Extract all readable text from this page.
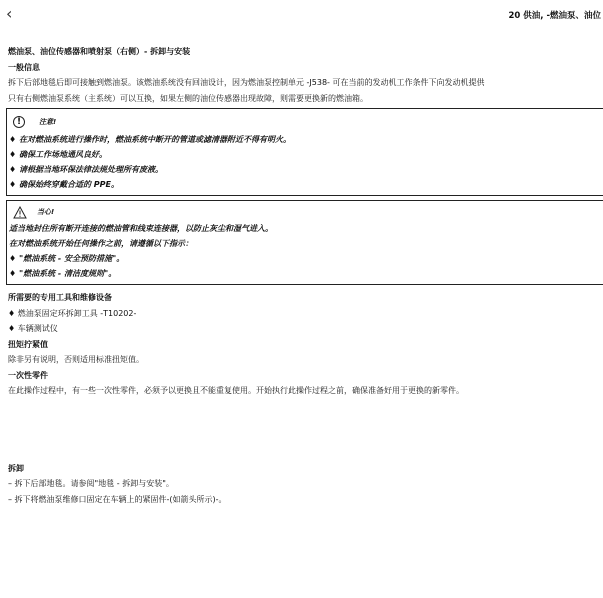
‹	20 供油, -燃油泵、油位
燃油泵、油位传感器和喷射泵（右侧）- 拆卸与安装
一般信息
拆下后部地毯后即可接触到燃油泵。该燃油系统没有回油设计，因为燃油泵控制单元 -J538- 可在当前的发动机工作条件下向发动机提供
只有右侧燃油泵系统（主系统）可以互换，如果左侧的油位传感器出现故障，则需要更换新的燃油箱。
!	注意!
♦ 在对燃油系统进行操作时，燃油系统中断开的管道或滤清器附近不得有明火。
♦ 确保工作场地通风良好。
♦ 请根据当地环保法律法规处理所有废液。
♦ 确保始终穿戴合适的 PPE。
当心!
适当地封住所有断开连接的燃油管和线束连接器，以防止灰尘和湿气进入。
在对燃油系统开始任何操作之前，请遵循以下指示：
♦ "燃油系统 - 安全预防措施"。
♦ "燃油系统 - 清洁度规则"。
所需要的专用工具和维修设备
♦ 燃油泵固定环拆卸工具 -T10202-
♦ 车辆测试仪
扭矩拧紧值
除非另有说明，否则适用标准扭矩值。
一次性零件
在此操作过程中，有一些一次性零件，必须予以更换且不能重复使用。开始执行此操作过程之前，确保准备好用于更换的新零件。
拆卸
– 拆下后部地毯。请参阅"地毯 - 拆卸与安装"。
– 拆下将燃油泵维修口固定在车辆上的紧固件-(如箭头所示)-。
